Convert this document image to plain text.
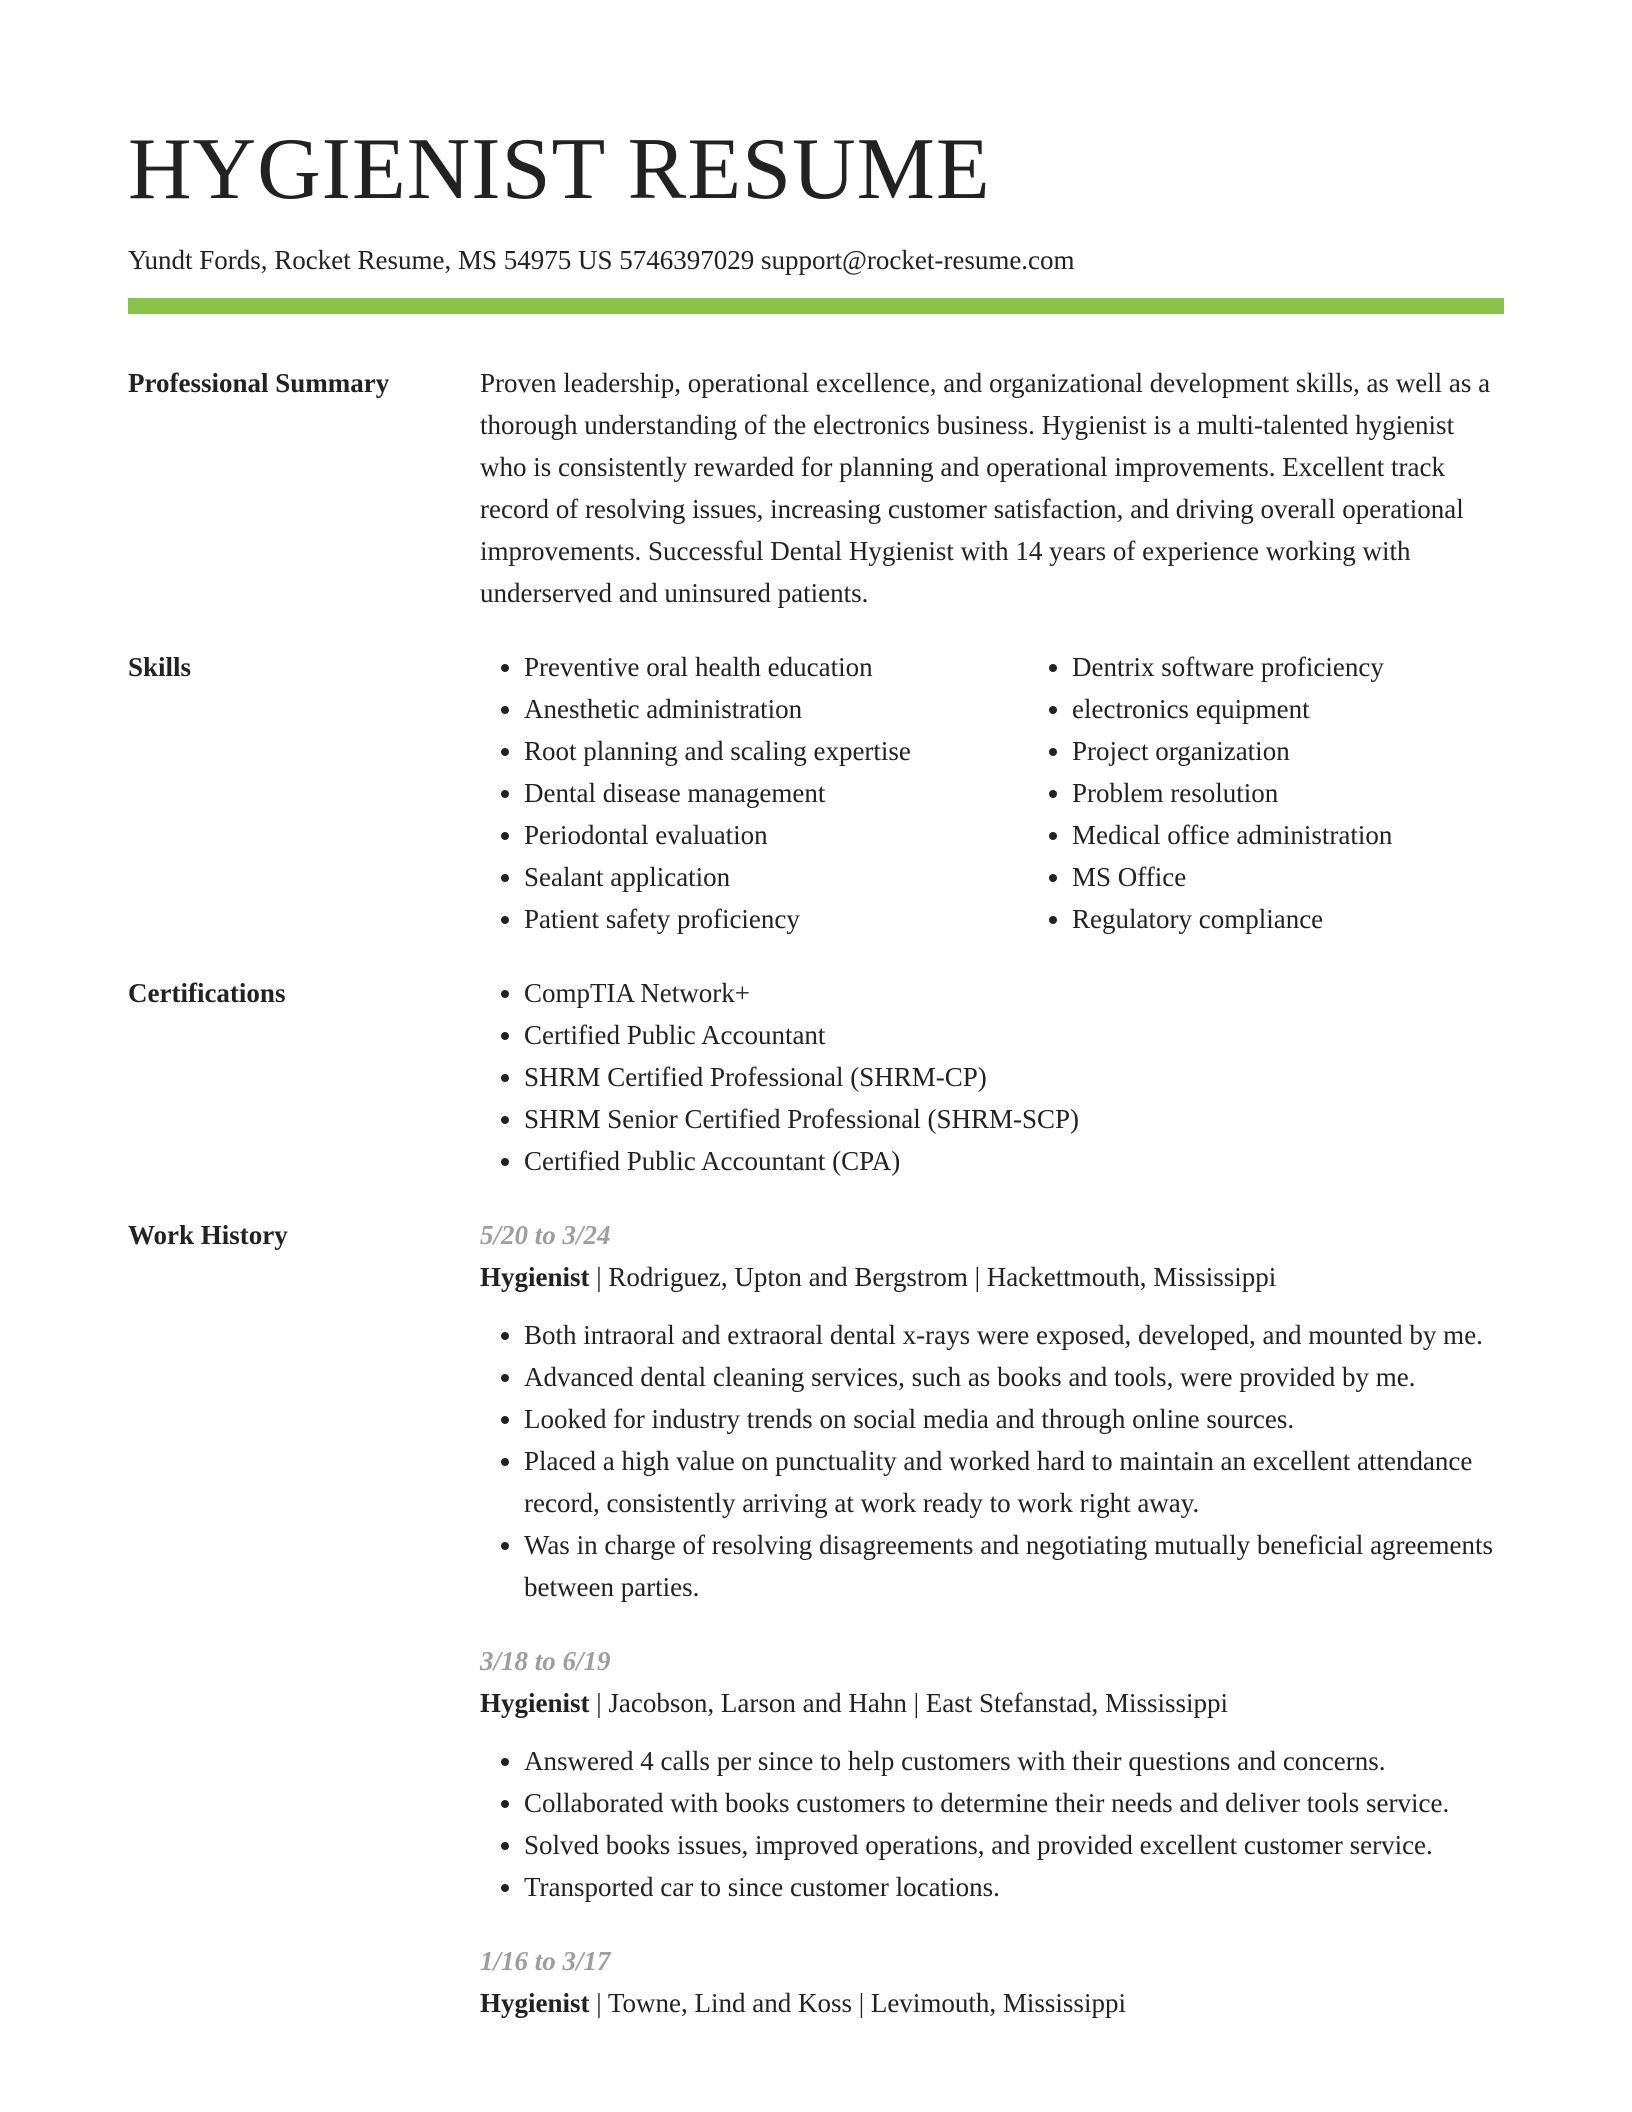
HYGIENIST RESUME
Yundt Fords, Rocket Resume, MS 54975 US 5746397029 support@rocket-resume.com
Professional Summary	Proven leadership, operational excellence, and organizational development skills, as well as a thorough understanding of the electronics business. Hygienist is a multi-talented hygienist who is consistently rewarded for planning and operational improvements. Excellent track record of resolving issues, increasing customer satisfaction, and driving overall operational improvements. Successful Dental Hygienist with 14 years of experience working with underserved and uninsured patients.

Skills	• Preventive oral health education
• Anesthetic administration
• Root planning and scaling expertise
• Dental disease management
• Periodontal evaluation
• Sealant application
• Patient safety proficiency
• Dentrix software proficiency
• electronics equipment
• Project organization
• Problem resolution
• Medical office administration
• MS Office
• Regulatory compliance
Certifications	• CompTIA Network+
• Certified Public Accountant
• SHRM Certified Professional (SHRM-CP)
• SHRM Senior Certified Professional (SHRM-SCP)
• Certified Public Accountant (CPA)
Work History	5/20 to 3/24
Hygienist | Rodriguez, Upton and Bergstrom | Hackettmouth, Mississippi
• Both intraoral and extraoral dental x-rays were exposed, developed, and mounted by me.
• Advanced dental cleaning services, such as books and tools, were provided by me.
• Looked for industry trends on social media and through online sources.
• Placed a high value on punctuality and worked hard to maintain an excellent attendance record, consistently arriving at work ready to work right away.
• Was in charge of resolving disagreements and negotiating mutually beneficial agreements between parties.
3/18 to 6/19
Hygienist | Jacobson, Larson and Hahn | East Stefanstad, Mississippi
• Answered 4 calls per since to help customers with their questions and concerns.
• Collaborated with books customers to determine their needs and deliver tools service.
• Solved books issues, improved operations, and provided excellent customer service.
• Transported car to since customer locations.
1/16 to 3/17
Hygienist | Towne, Lind and Koss | Levimouth, Mississippi
